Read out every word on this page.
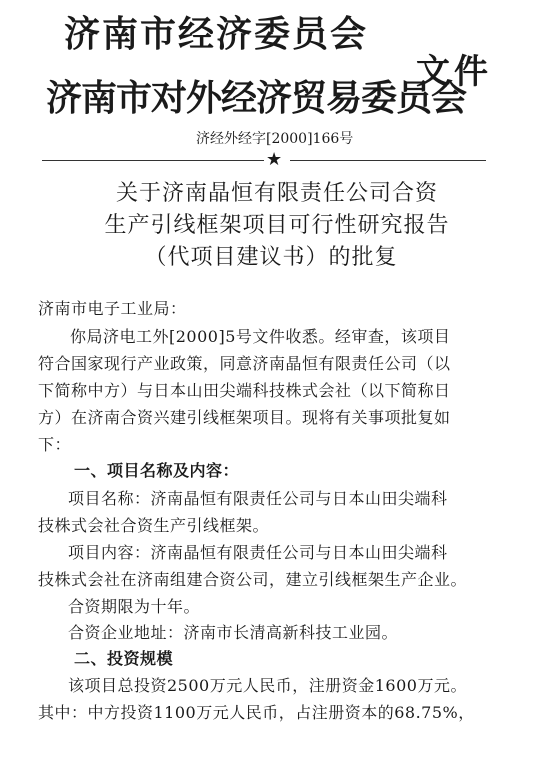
济南市经济委员会
济南市对外经济贸易委员会
文件
济经外经字[2000]166号
★
关于济南晶恒有限责任公司合资
生产引线框架项目可行性研究报告
（代项目建议书）的批复
济南市电子工业局：
你局济电工外[2000]5号文件收悉。经审查，该项目
符合国家现行产业政策，同意济南晶恒有限责任公司（以
下简称中方）与日本山田尖端科技株式会社（以下简称日
方）在济南合资兴建引线框架项目。现将有关事项批复如
下：
一、项目名称及内容：
项目名称：济南晶恒有限责任公司与日本山田尖端科
技株式会社合资生产引线框架。
项目内容：济南晶恒有限责任公司与日本山田尖端科
技株式会社在济南组建合资公司，建立引线框架生产企业。
合资期限为十年。
合资企业地址：济南市长清高新科技工业园。
二、投资规模
该项目总投资2500万元人民币，注册资金1600万元。
其中：中方投资1100万元人民币，占注册资本的68.75%，
